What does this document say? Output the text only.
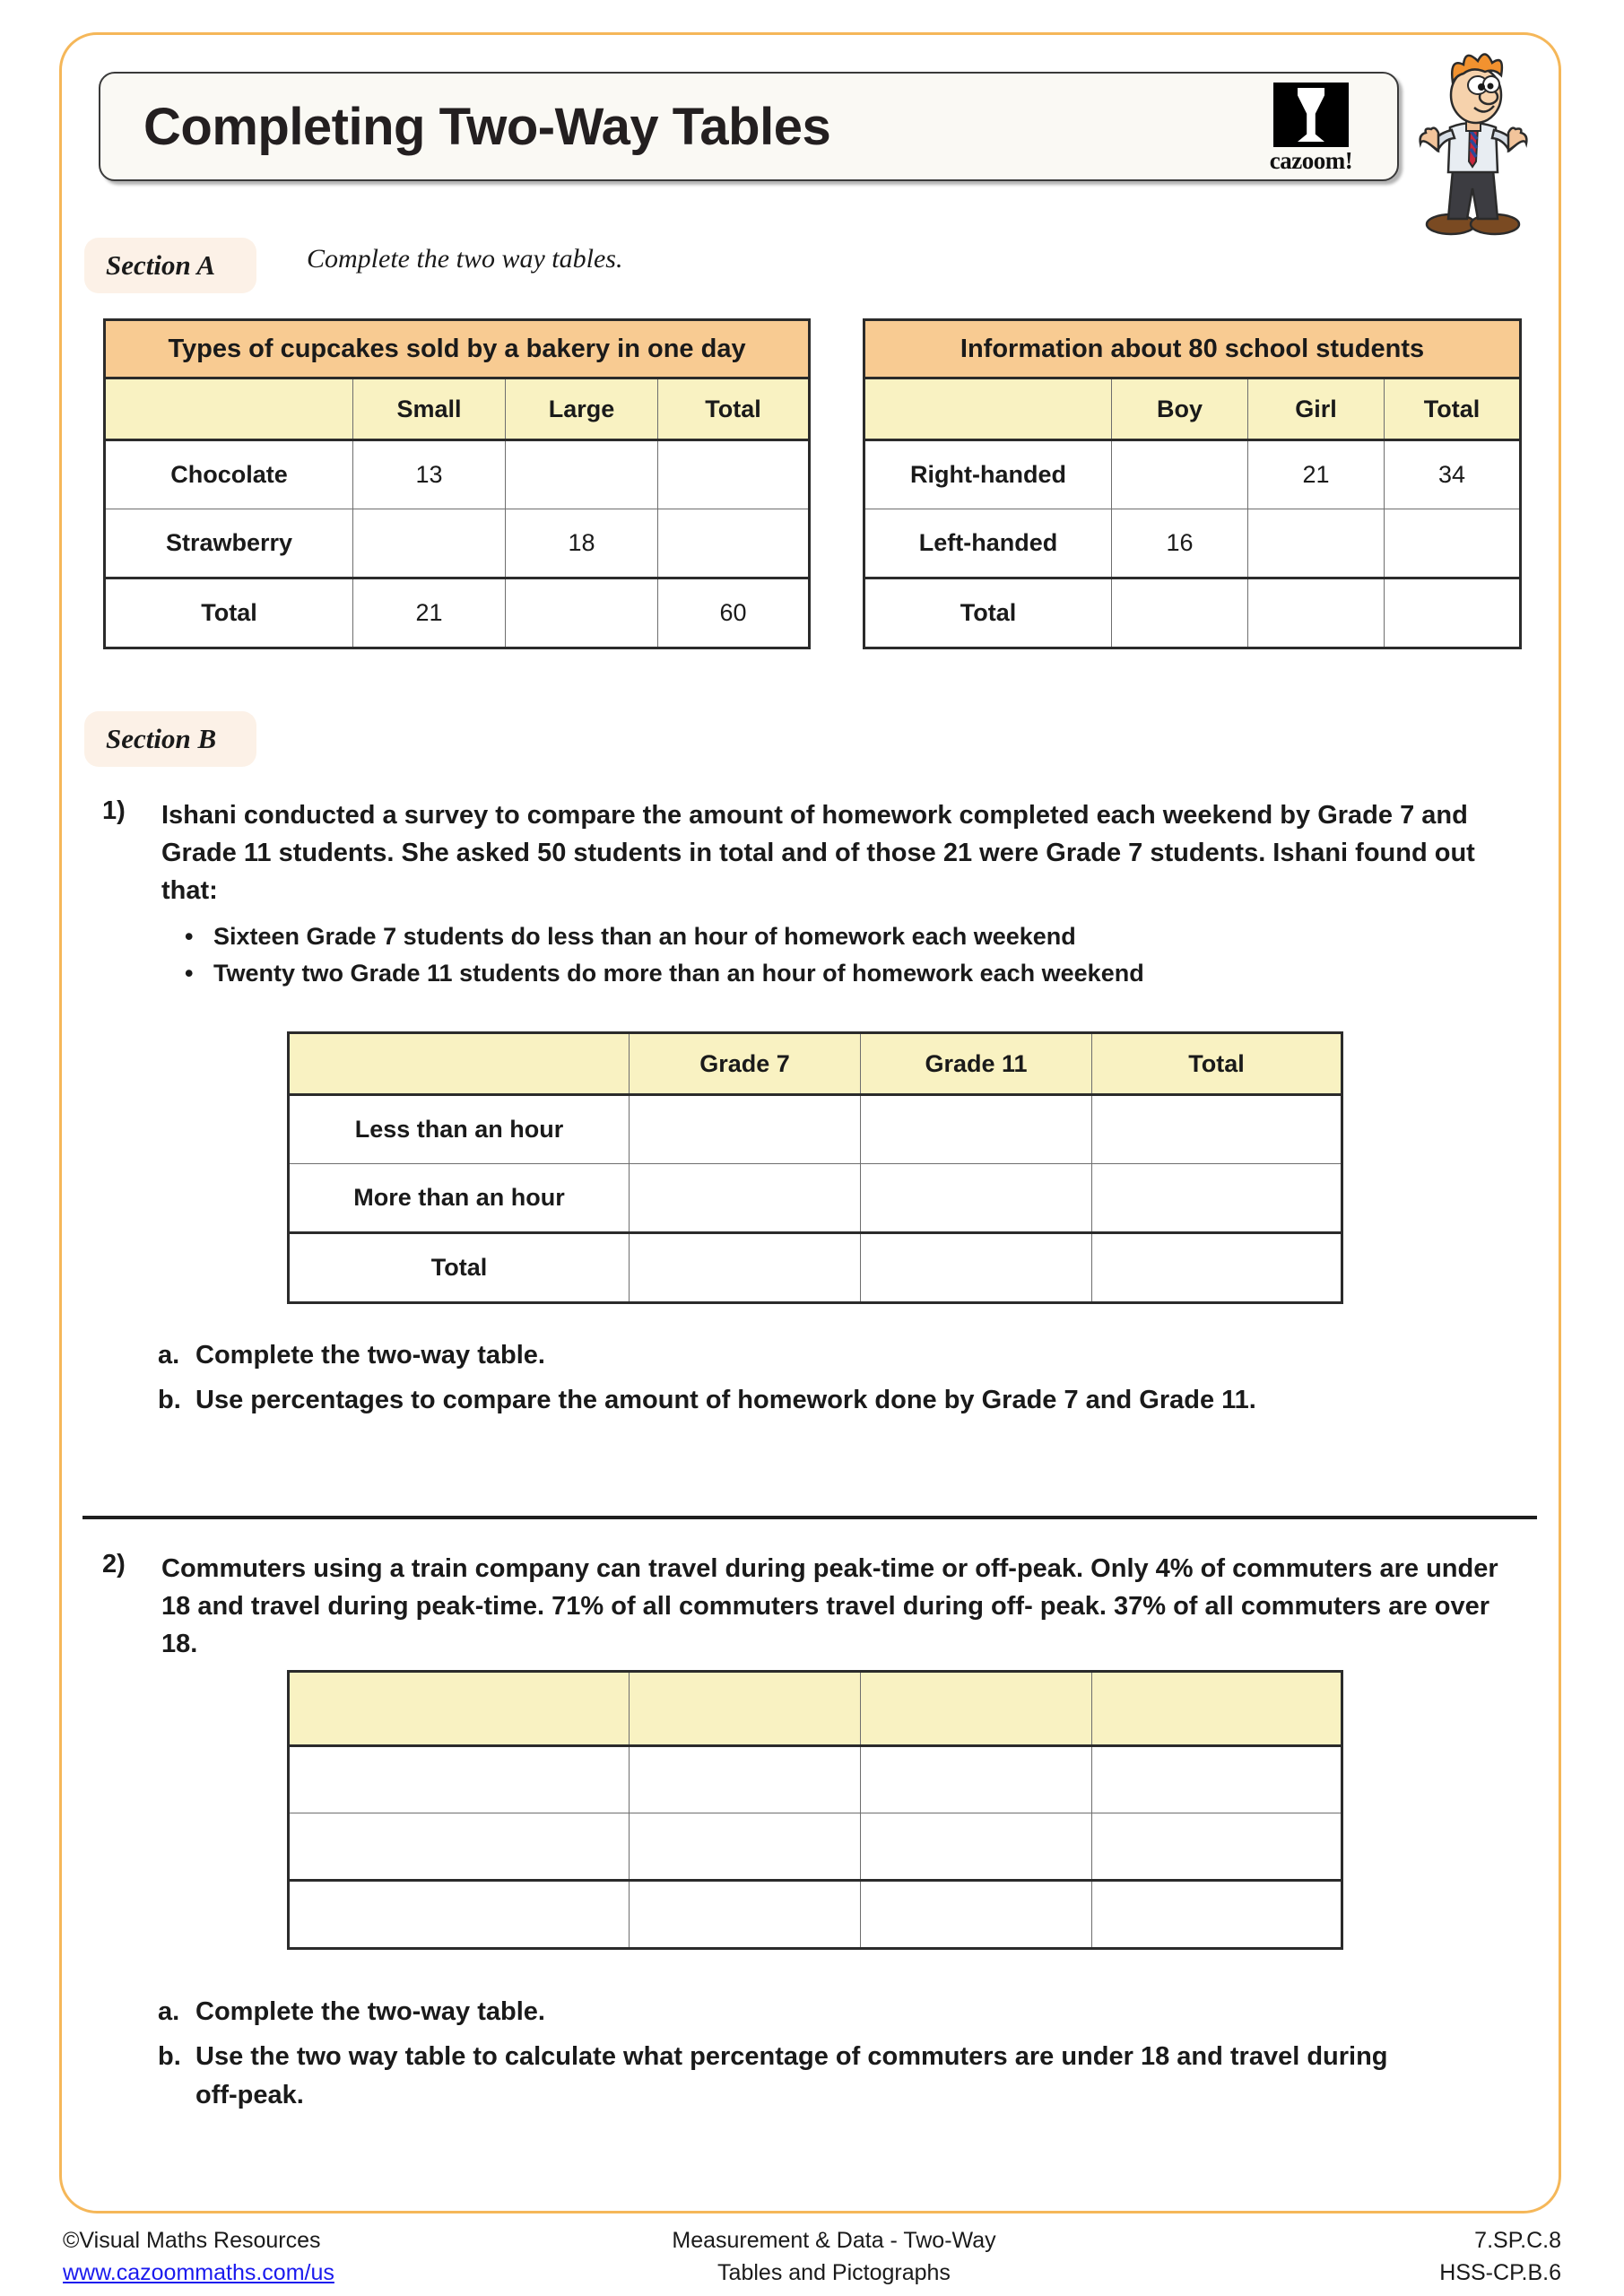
Completing Two-Way Tables
cazoom!
Section A	Complete the two way tables.
Types of cupcakes sold by a bakery in one day			
	Small	Large	Total
Chocolate	13		
Strawberry		18	
Total	21		60
Information about 80 school students			
	Boy	Girl	Total
Right-handed		21	34
Left-handed	16		
Total			
Section B
1) Ishani conducted a survey to compare the amount of homework completed each weekend by Grade 7 and Grade 11 students. She asked 50 students in total and of those 21 were Grade 7 students. Ishani found out that:
• Sixteen Grade 7 students do less than an hour of homework each weekend
• Twenty two Grade 11 students do more than an hour of homework each weekend
	Grade 7	Grade 11	Total
Less than an hour			
More than an hour			
Total			
a. Complete the two-way table.
b. Use percentages to compare the amount of homework done by Grade 7 and Grade 11.
2) Commuters using a train company can travel during peak-time or off-peak. Only 4% of commuters are under 18 and travel during peak-time. 71% of all commuters travel during off- peak. 37% of all commuters are over 18.

a. Complete the two-way table.
b. Use the two way table to calculate what percentage of commuters are under 18 and travel during off-peak.
©Visual Maths Resources
www.cazoommaths.com/us
Measurement & Data - Two-Way
Tables and Pictographs
7.SP.C.8
HSS-CP.B.6
